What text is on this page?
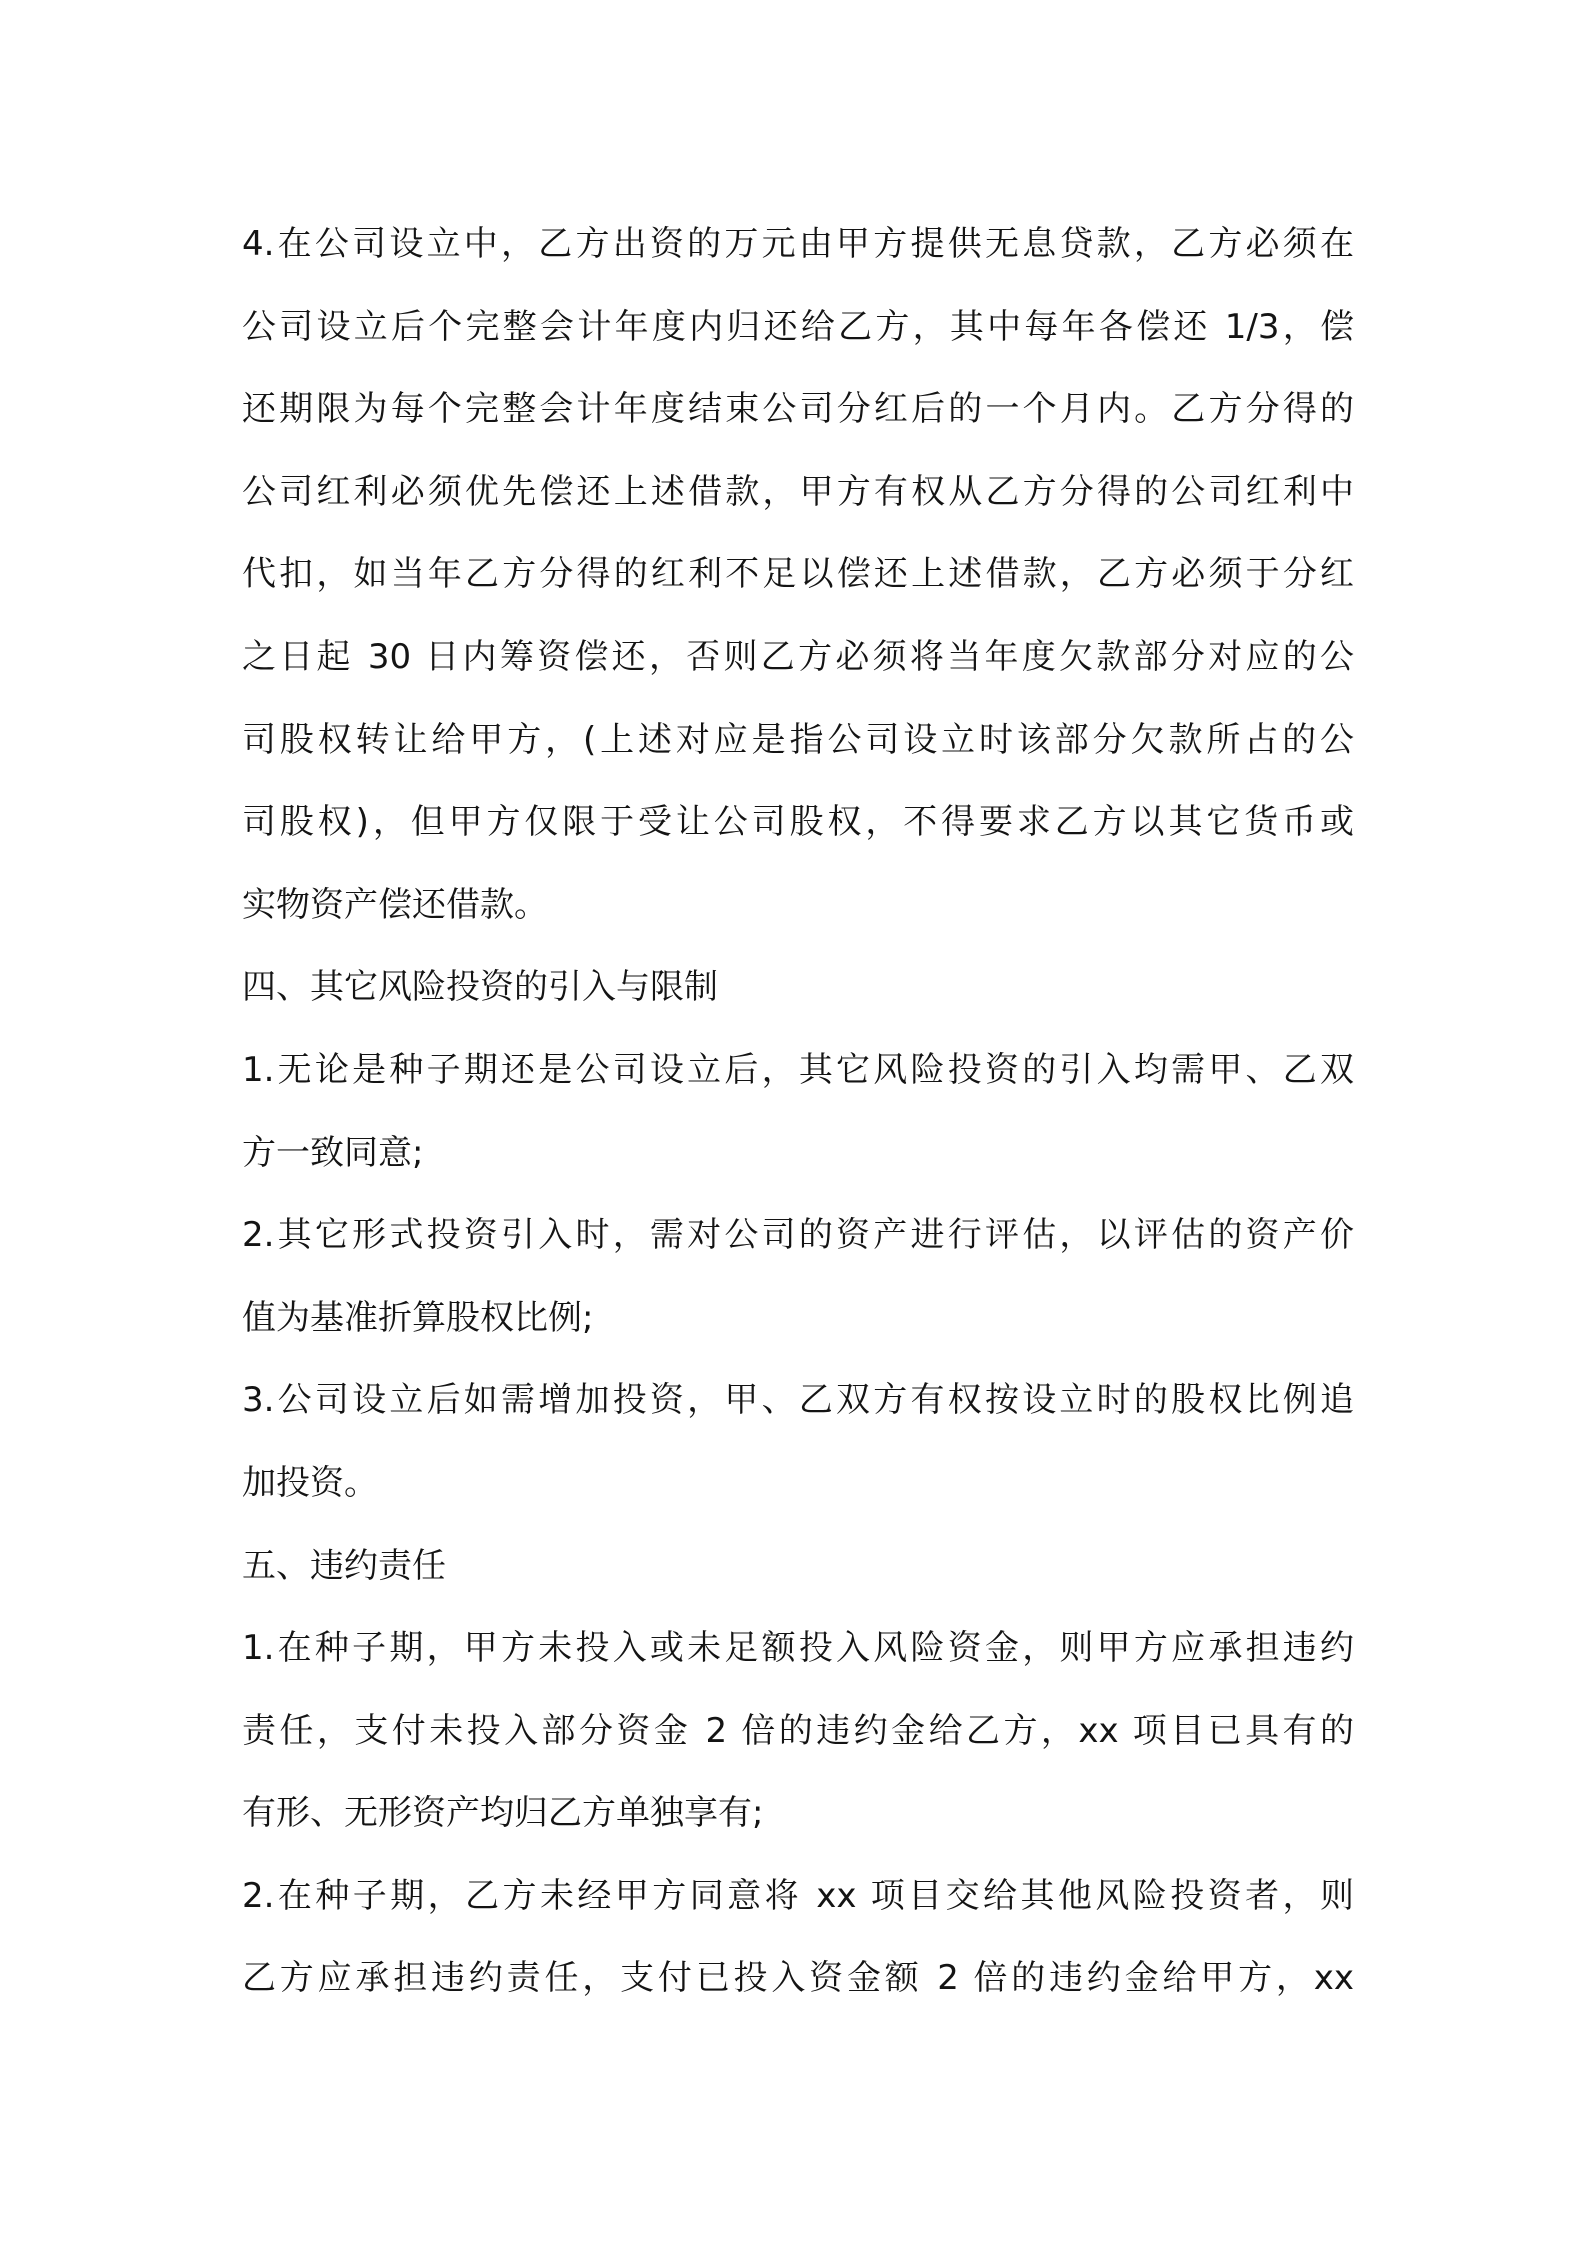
4.在公司设立中，乙方出资的万元由甲方提供无息贷款，乙方必须在
公司设立后个完整会计年度内归还给乙方，其中每年各偿还 1/3，偿
还期限为每个完整会计年度结束公司分红后的一个月内。乙方分得的
公司红利必须优先偿还上述借款，甲方有权从乙方分得的公司红利中
代扣，如当年乙方分得的红利不足以偿还上述借款，乙方必须于分红
之日起 30 日内筹资偿还，否则乙方必须将当年度欠款部分对应的公
司股权转让给甲方，(上述对应是指公司设立时该部分欠款所占的公
司股权)，但甲方仅限于受让公司股权，不得要求乙方以其它货币或
实物资产偿还借款。
四、其它风险投资的引入与限制
1.无论是种子期还是公司设立后，其它风险投资的引入均需甲、乙双
方一致同意;
2.其它形式投资引入时，需对公司的资产进行评估，以评估的资产价
值为基准折算股权比例;
3.公司设立后如需增加投资，甲、乙双方有权按设立时的股权比例追
加投资。
五、违约责任
1.在种子期，甲方未投入或未足额投入风险资金，则甲方应承担违约
责任，支付未投入部分资金 2 倍的违约金给乙方，xx 项目已具有的
有形、无形资产均归乙方单独享有;
2.在种子期，乙方未经甲方同意将 xx 项目交给其他风险投资者，则
乙方应承担违约责任，支付已投入资金额 2 倍的违约金给甲方，xx
